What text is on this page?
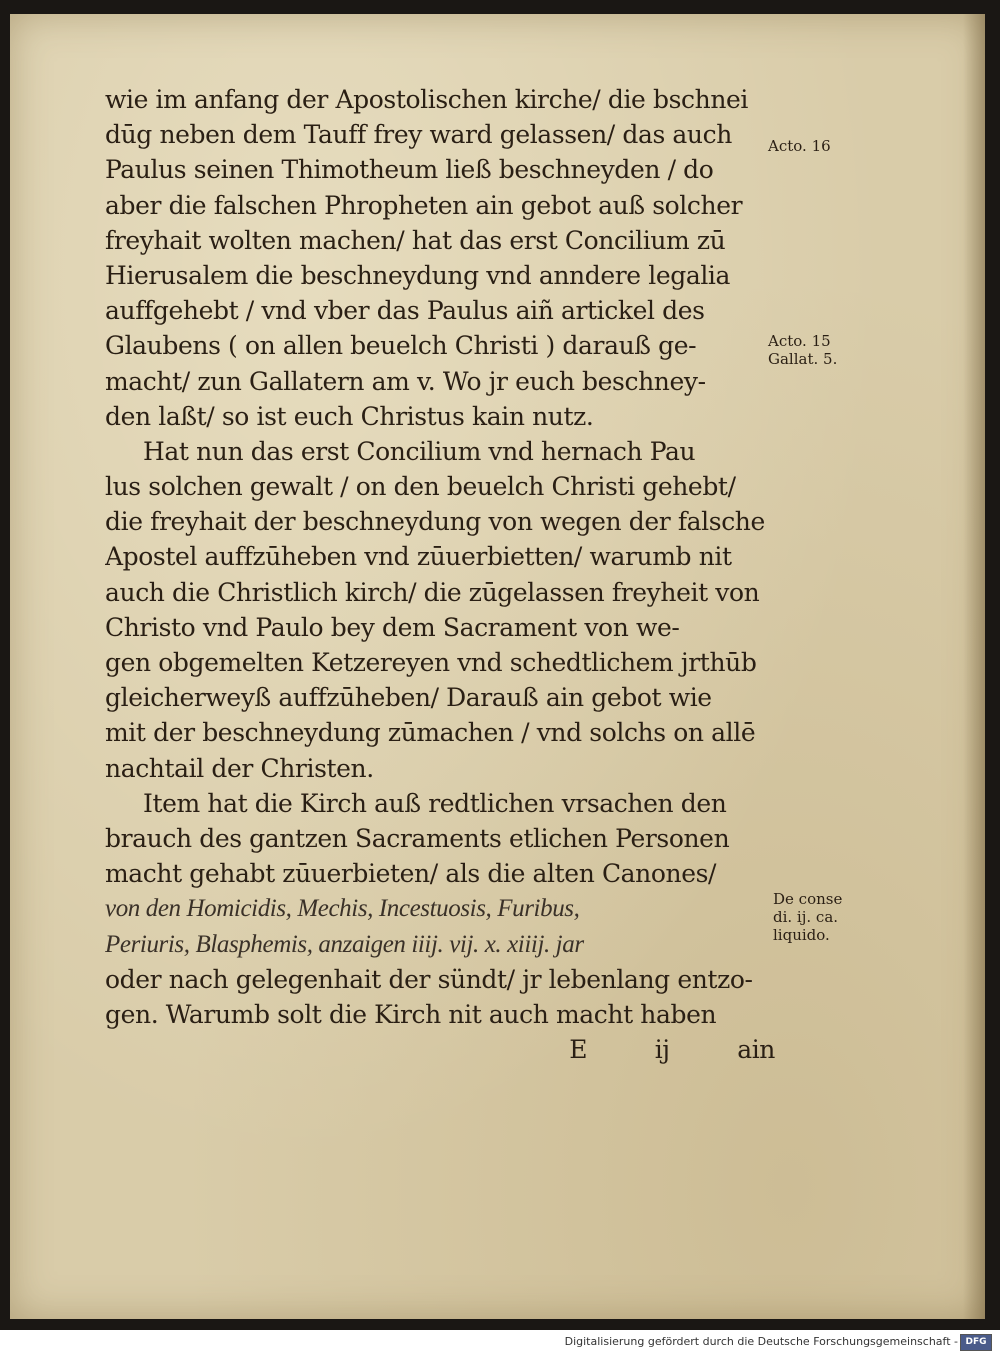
wie im anfang der Apostolischen kirche/ die bschnei
dūg neben dem Tauff frey ward gelassen/ das auch
Paulus seinen Thimotheum ließ beschneyden / do
aber die falschen Phropheten ain gebot auß solcher
freyhait wolten machen/ hat das erst Concilium zū
Hierusalem die beschneydung vnd anndere legalia
auffgehebt / vnd vber das Paulus aiñ artickel des
Glaubens ( on allen beuelch Christi ) darauß ge-
macht/ zun Gallatern am v. Wo jr euch beschney-
den laßt/ so ist euch Christus kain nutz.
Hat nun das erst Concilium vnd hernach Pau
lus solchen gewalt / on den beuelch Christi gehebt/
die freyhait der beschneydung von wegen der falsche
Apostel auffzūheben vnd zūuerbietten/ warumb nit
auch die Christlich kirch/ die zūgelassen freyheit von
Christo vnd Paulo bey dem Sacrament von we-
gen obgemelten Ketzereyen vnd schedtlichem jrthūb
gleicherweyß auffzūheben/ Darauß ain gebot wie
mit der beschneydung zūmachen / vnd solchs on allē
nachtail der Christen.
Item hat die Kirch auß redtlichen vrsachen den
brauch des gantzen Sacraments etlichen Personen
macht gehabt zūuerbieten/ als die alten Canones/
von den Homicidis, Mechis, Incestuosis, Furibus,
Periuris, Blasphemis, anzaigen iiij. vij. x. xiiij. jar
oder nach gelegenhait der sündt/ jr lebenlang entzo-
gen. Warumb solt die Kirch nit auch macht haben
E	ij	ain
Acto. 16
Acto. 15
Gallat. 5.
De conse
di. ij. ca.
liquido.
Digitalisierung gefördert durch die Deutsche Forschungsgemeinschaft - DFG
